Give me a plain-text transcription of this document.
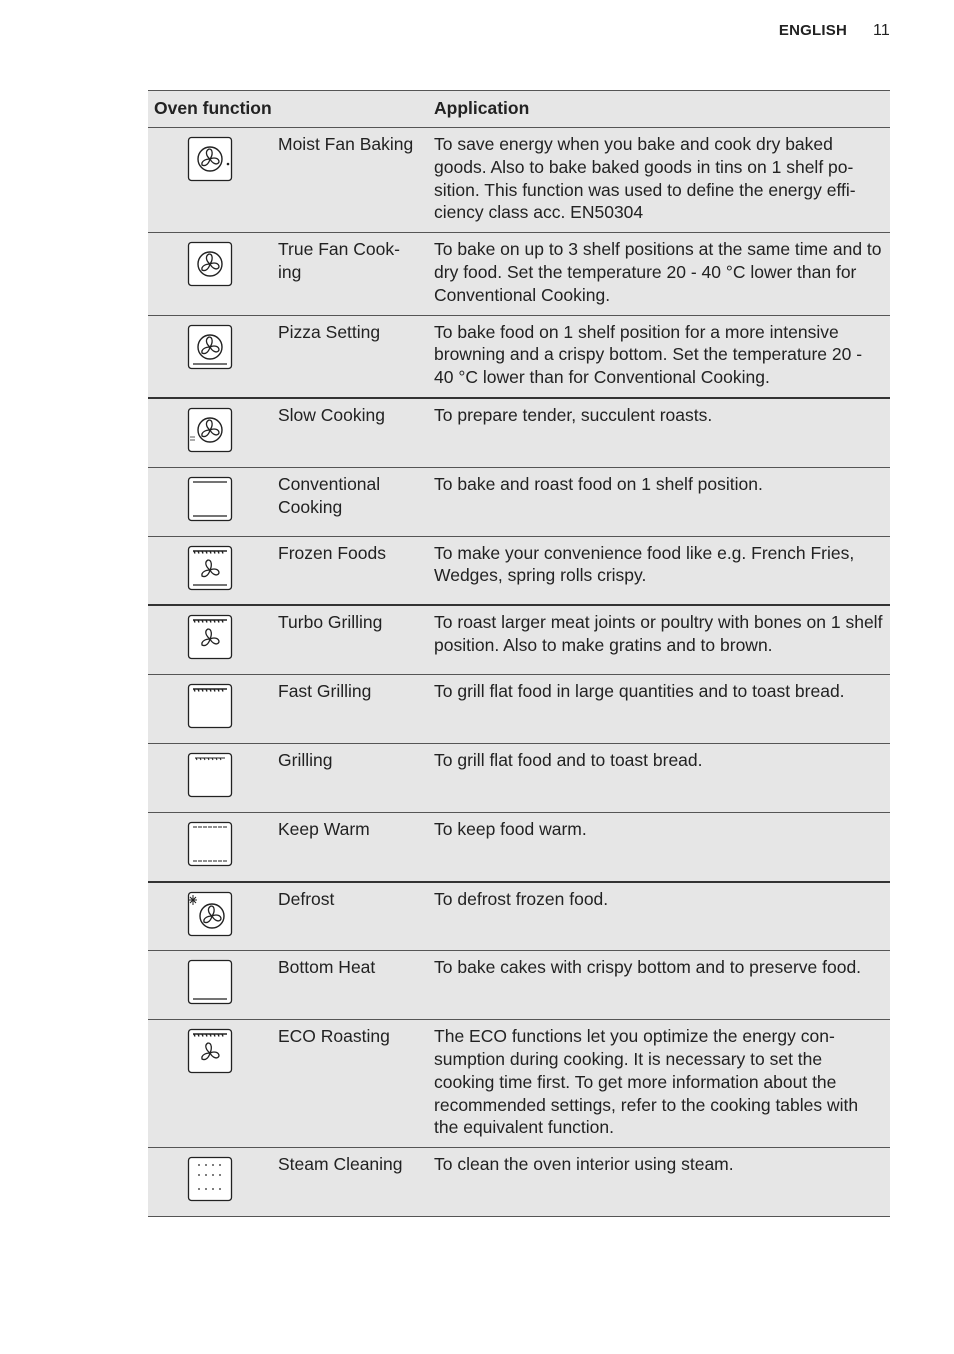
ENGLISH 11
Oven function		Application

	Moist Fan Baking	To save energy when you bake and cook dry baked goods. Also to bake baked goods in tins on 1 shelf po-sition. This function was used to define the energy effi-ciency class acc. EN50304

	True Fan Cook-ing	To bake on up to 3 shelf positions at the same time and to dry food. Set the temperature 20 - 40 °C lower than for Conventional Cooking.

	Pizza Setting	To bake food on 1 shelf position for a more intensive browning and a crispy bottom. Set the temperature 20 - 40 °C lower than for Conventional Cooking.

	Slow Cooking	To prepare tender, succulent roasts.

	Conventional Cooking	To bake and roast food on 1 shelf position.

	Frozen Foods	To make your convenience food like e.g. French Fries, Wedges, spring rolls crispy.

	Turbo Grilling	To roast larger meat joints or poultry with bones on 1 shelf position. Also to make gratins and to brown.

	Fast Grilling	To grill flat food in large quantities and to toast bread.

	Grilling	To grill flat food and to toast bread.

	Keep Warm	To keep food warm.

	Defrost	To defrost frozen food.

	Bottom Heat	To bake cakes with crispy bottom and to preserve food.

	ECO Roasting	The ECO functions let you optimize the energy con-sumption during cooking. It is necessary to set the cooking time first. To get more information about the recommended settings, refer to the cooking tables with the equivalent function.

	Steam Cleaning	To clean the oven interior using steam.
